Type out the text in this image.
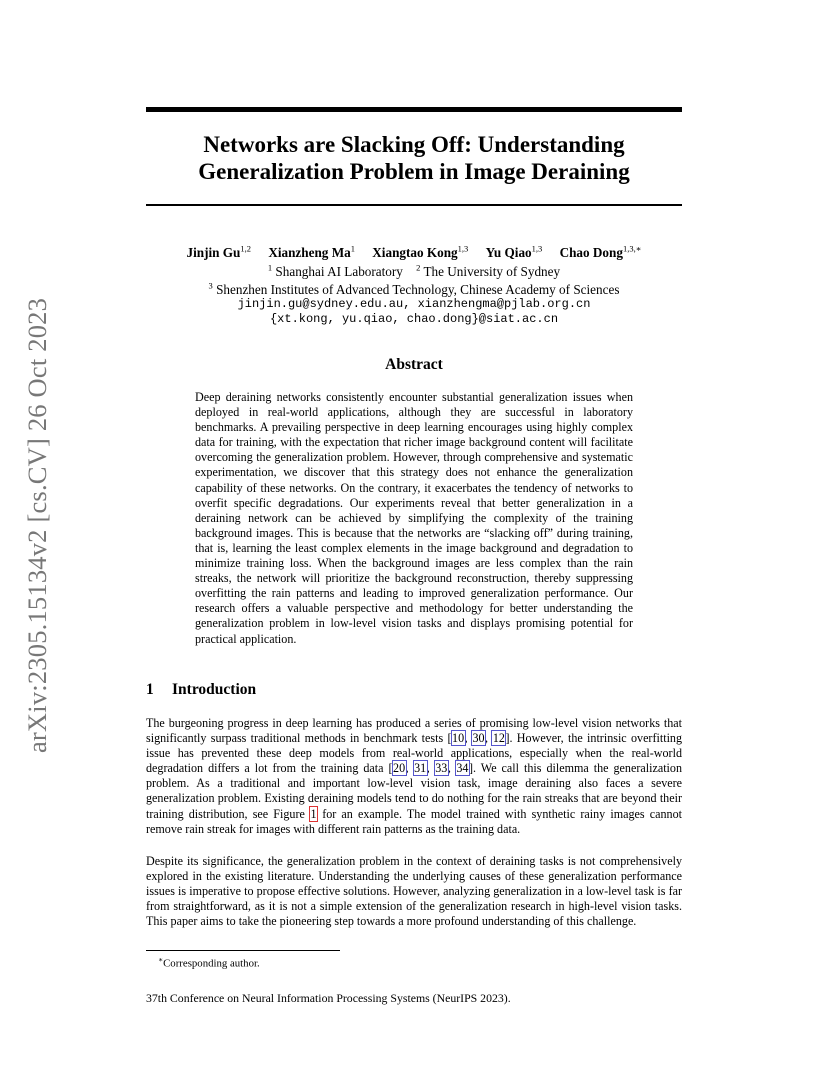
arXiv:2305.15134v2 [cs.CV] 26 Oct 2023
Networks are Slacking Off: Understanding
Generalization Problem in Image Deraining
Jinjin Gu$^{1,2}$ Xianzheng Ma$^1$ Xiangtao Kong$^{1,3}$ Yu Qiao$^{1,3}$ Chao Dong$^{1,3,∗}$
$^1$ Shanghai AI Laboratory $^2$ The University of Sydney
$^3$ Shenzhen Institutes of Advanced Technology, Chinese Academy of Sciences
jinjin.gu@sydney.edu.au, xianzhengma@pjlab.org.cn
{xt.kong, yu.qiao, chao.dong}@siat.ac.cn
Abstract
Deep deraining networks consistently encounter substantial generalization issues when deployed in real-world applications, although they are successful in laboratory benchmarks. A prevailing perspective in deep learning encourages using highly complex data for training, with the expectation that richer image background content will facilitate overcoming the generalization problem. However, through comprehensive and systematic experimentation, we discover that this strategy does not enhance the generalization capability of these networks. On the contrary, it exacerbates the tendency of networks to overfit specific degradations. Our experiments reveal that better generalization in a deraining network can be achieved by simplifying the complexity of the training background images. This is because that the networks are “slacking off” during training, that is, learning the least complex elements in the image background and degradation to minimize training loss. When the background images are less complex than the rain streaks, the network will prioritize the background reconstruction, thereby suppressing overfitting the rain patterns and leading to improved generalization performance. Our research offers a valuable perspective and methodology for better understanding the generalization problem in low-level vision tasks and displays promising potential for practical application.
1 Introduction
The burgeoning progress in deep learning has produced a series of promising low-level vision networks that significantly surpass traditional methods in benchmark tests [10, 30, 12]. However, the intrinsic overfitting issue has prevented these deep models from real-world applications, especially when the real-world degradation differs a lot from the training data [20, 31, 33, 34]. We call this dilemma the generalization problem. As a traditional and important low-level vision task, image deraining also faces a severe generalization problem. Existing deraining models tend to do nothing for the rain streaks that are beyond their training distribution, see Figure 1 for an example. The model trained with synthetic rainy images cannot remove rain streak for images with different rain patterns as the training data.
Despite its significance, the generalization problem in the context of deraining tasks is not comprehensively explored in the existing literature. Understanding the underlying causes of these generalization performance issues is imperative to propose effective solutions. However, analyzing generalization in a low-level task is far from straightforward, as it is not a simple extension of the generalization research in high-level vision tasks. This paper aims to take the pioneering step towards a more profound understanding of this challenge.
∗Corresponding author.
37th Conference on Neural Information Processing Systems (NeurIPS 2023).
